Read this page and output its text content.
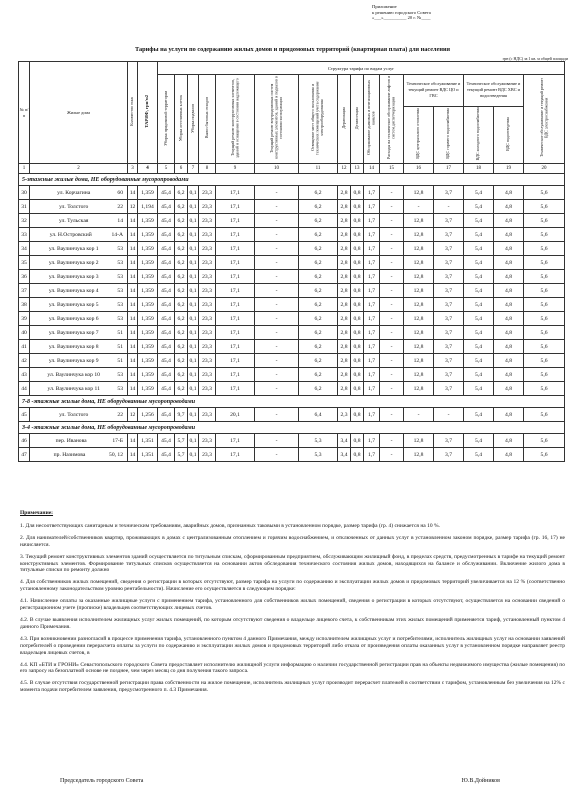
Приложение
к решению городского Совета
«___»__________ 20 г. №____
Тарифы на услуги по содержанию жилых домов и придомовых территорий (квартирная плата) для населения
грн (с НДС) за 1 кв. м общей площади
№ п/п	Жилые дома	Количество этаж	ТАРИФ, грн/м2	Структура тарифа по видам услуг															
				Уборка придомовой территории	Уборка лестничных клеток	Уборка подвалов	Вывоз бытовых отходов	Текущий ремонт конструктивных элементов, зданий и оснащения в состоянии надлежащего	Текущий ремонт внутридомовых систем конструктивных элементов, зданий и подвалов в состоянии эксплуатации	Освещение мест общего пользования и технических помещений учета содержание электрооборудования	Дератизация	Дезинсекция	Обслуживание дымовых и вентиляционных каналов	Расходы на техническое обслуживание лифтов и систем диспетчеризации	Техническое обслуживание и текущий ремонт ВДС ЦО и ГВС		Техническое обслуживание и текущий ремонт ВДС ХВС и водоотведения		Техническое обслуживание и текущий ремонт ВДС электроснабжения
															ВДС центрального отопления	ВДС горячего водоснабжения	ВДС холодного водоснабжения	ВДС водоотведения	
1	2	3	4	5	6	7	8	9	10	11	12	13	14	15	16	17	18	19	20
5-этажные жилые дома, НЕ оборудованные мусоропроводами																			
30	ул. Корчагина 60	14	1,359	45,4	6,2	0,1	23,3	17,1	-	6,2	2,8	0,8	1,7	-	12,8	3,7	5,4	4,8	5,6
31	ул. Толстого 22	12	1,194	45,4	6,2	0,1	23,3	17,1	-	6,2	2,8	0,8	1,7	-	-	-	5,4	4,8	5,6
32	ул. Тульская 14	14	1,359	45,4	6,2	0,1	23,3	17,1	-	6,2	2,8	0,8	1,7	-	12,8	3,7	5,4	4,8	5,6
33	ул. Н.Островский 14-А	14	1,359	45,4	6,2	0,1	23,3	17,1	-	6,2	2,8	0,8	1,7	-	12,8	3,7	5,4	4,8	5,6
34	ул. Ваулинчука кор 1 53	14	1,359	45,4	6,2	0,1	23,3	17,1	-	6,2	2,8	0,8	1,7	-	12,8	3,7	5,4	4,8	5,6
35	ул. Ваулинчука кор 2 53	14	1,359	45,4	6,2	0,1	23,3	17,1	-	6,2	2,8	0,8	1,7	-	12,8	3,7	5,4	4,8	5,6
36	ул. Ваулинчука кор 3 53	14	1,359	45,4	6,2	0,1	23,3	17,1	-	6,2	2,8	0,8	1,7	-	12,8	3,7	5,4	4,8	5,6
37	ул. Ваулинчука кор 4 53	14	1,359	45,4	6,2	0,1	23,3	17,1	-	6,2	2,8	0,8	1,7	-	12,8	3,7	5,4	4,8	5,6
38	ул. Ваулинчука кор 5 53	14	1,359	45,4	6,2	0,1	23,3	17,1	-	6,2	2,8	0,8	1,7	-	12,8	3,7	5,4	4,8	5,6
39	ул. Ваулинчука кор 6 53	14	1,359	45,4	6,2	0,1	23,3	17,1	-	6,2	2,8	0,8	1,7	-	12,8	3,7	5,4	4,8	5,6
40	ул. Ваулинчука кор 7 51	14	1,359	45,4	6,2	0,1	23,3	17,1	-	6,2	2,8	0,8	1,7	-	12,8	3,7	5,4	4,8	5,6
41	ул. Ваулинчука кор 8 51	14	1,359	45,4	6,2	0,1	23,3	17,1	-	6,2	2,8	0,8	1,7	-	12,8	3,7	5,4	4,8	5,6
42	ул. Ваулинчука кор 9 51	14	1,359	45,4	6,2	0,1	23,3	17,1	-	6,2	2,8	0,8	1,7	-	12,8	3,7	5,4	4,8	5,6
43	ул. Ваулинчука кор 10 53	14	1,359	45,4	6,2	0,1	23,3	17,1	-	6,2	2,8	0,8	1,7	-	12,8	3,7	5,4	4,8	5,6
44	ул. Ваулинчука кор 11 53	14	1,359	45,4	6,2	0,1	23,3	17,1	-	6,2	2,8	0,8	1,7	-	12,8	3,7	5,4	4,8	5,6
7-8 -этажные жилые дома, НЕ оборудованные мусоропроводами																			
45	ул. Толстого 22	12	1,256	45,4	9,7	0,1	23,3	20,1	-	6,4	2,3	0,8	1,7	-	-	-	5,4	4,8	5,6
3-4 -этажные жилые дома, НЕ оборудованные мусоропроводами																			
46	пер. Иванова 17-Б	14	1,351	45,4	5,7	0,1	23,3	17,1	-	5,3	3,4	0,8	1,7	-	12,8	3,7	5,4	4,8	5,6
47	пр. Назимова 50, 12	14	1,351	45,4	5,7	0,1	23,3	17,1	-	5,3	3,4	0,8	1,7	-	12,8	3,7	5,4	4,8	5,6

Примечание:

1. Для несоответствующих санитарным и техническим требованиям, аварийных домов, признанных таковыми в установленном порядке, размер тарифа (гр. 4) снижается на 10 %.

2. Для нанимателей/собственников квартир, проживающих в домах с централизованным отоплением и горячим водоснабжением, и отключенных от данных услуг в установленном законом порядке, размер тарифа (гр. 16, 17) не начисляется.

3. Текущий ремонт конструктивных элементов зданий осуществляется по титульным спискам, сформированным предприятием, обслуживающим жилищный фонд, в пределах средств, предусмотренных в тарифе на текущий ремонт конструктивных элементов. Формирование титульных списков осуществляется на основании актов обследования технического состояния жилых домов, находящихся на балансе и обслуживании. Включение жилого дома в титульные списки по ремонту должно

4. Для собственников жилых помещений, сведения о регистрации в которых отсутствуют, размер тарифа на услуги по содержанию и эксплуатации жилых домов и придомовых территорий увеличивается на 12 % (соответственно установленному законодательством уровню рентабельности). Начисление его осуществляется в следующем порядке:

4.1. Начисление оплаты за оказанные жилищные услуги с применением тарифа, установленного для собственников жилых помещений, сведения о регистрации в которых отсутствуют, осуществляется на основании сведений о регистрационном учете (прописке) владельцев соответствующих лицевых счетов.

4.2. В случае выявления исполнителем жилищных услуг жилых помещений, по которым отсутствуют сведения о владельце лицевого счета, к собственникам этих жилых помещений применяется тариф, установленный пунктом 4 данного Примечания.

4.3. При возникновении разногласий в процессе применения тарифа, установленного пунктом 4 данного Примечания, между исполнителем жилищных услуг и потребителями, исполнитель жилищных услуг на основании заявлений потребителей о проведении перерасчета оплаты за услуги по содержанию и эксплуатации жилых домов и придомовых территорий либо отказа от произведения оплаты оказанных услуг в установленном порядке направляет реестр владельцев лицевых счетов, в

4.4. КП «БТИ и ГРОНИ» Севастопольского городского Совета предоставляет исполнителю жилищной услуги информацию о наличии государственной регистрации прав на объекты недвижимого имущества (жилые помещения) по его запросу на безоплатной основе не позднее, чем через месяц со дня получения такого запроса.

4.5. В случае отсутствия государственной регистрации права собственности на жилое помещение, исполнитель жилищных услуг производит перерасчет платежей в соответствии с тарифом, установленным без увеличения на 12% с момента подачи потребителем заявления, предусмотренного п. 4.3 Примечания.

Председатель городского Совета	Ю.В.Дойников
